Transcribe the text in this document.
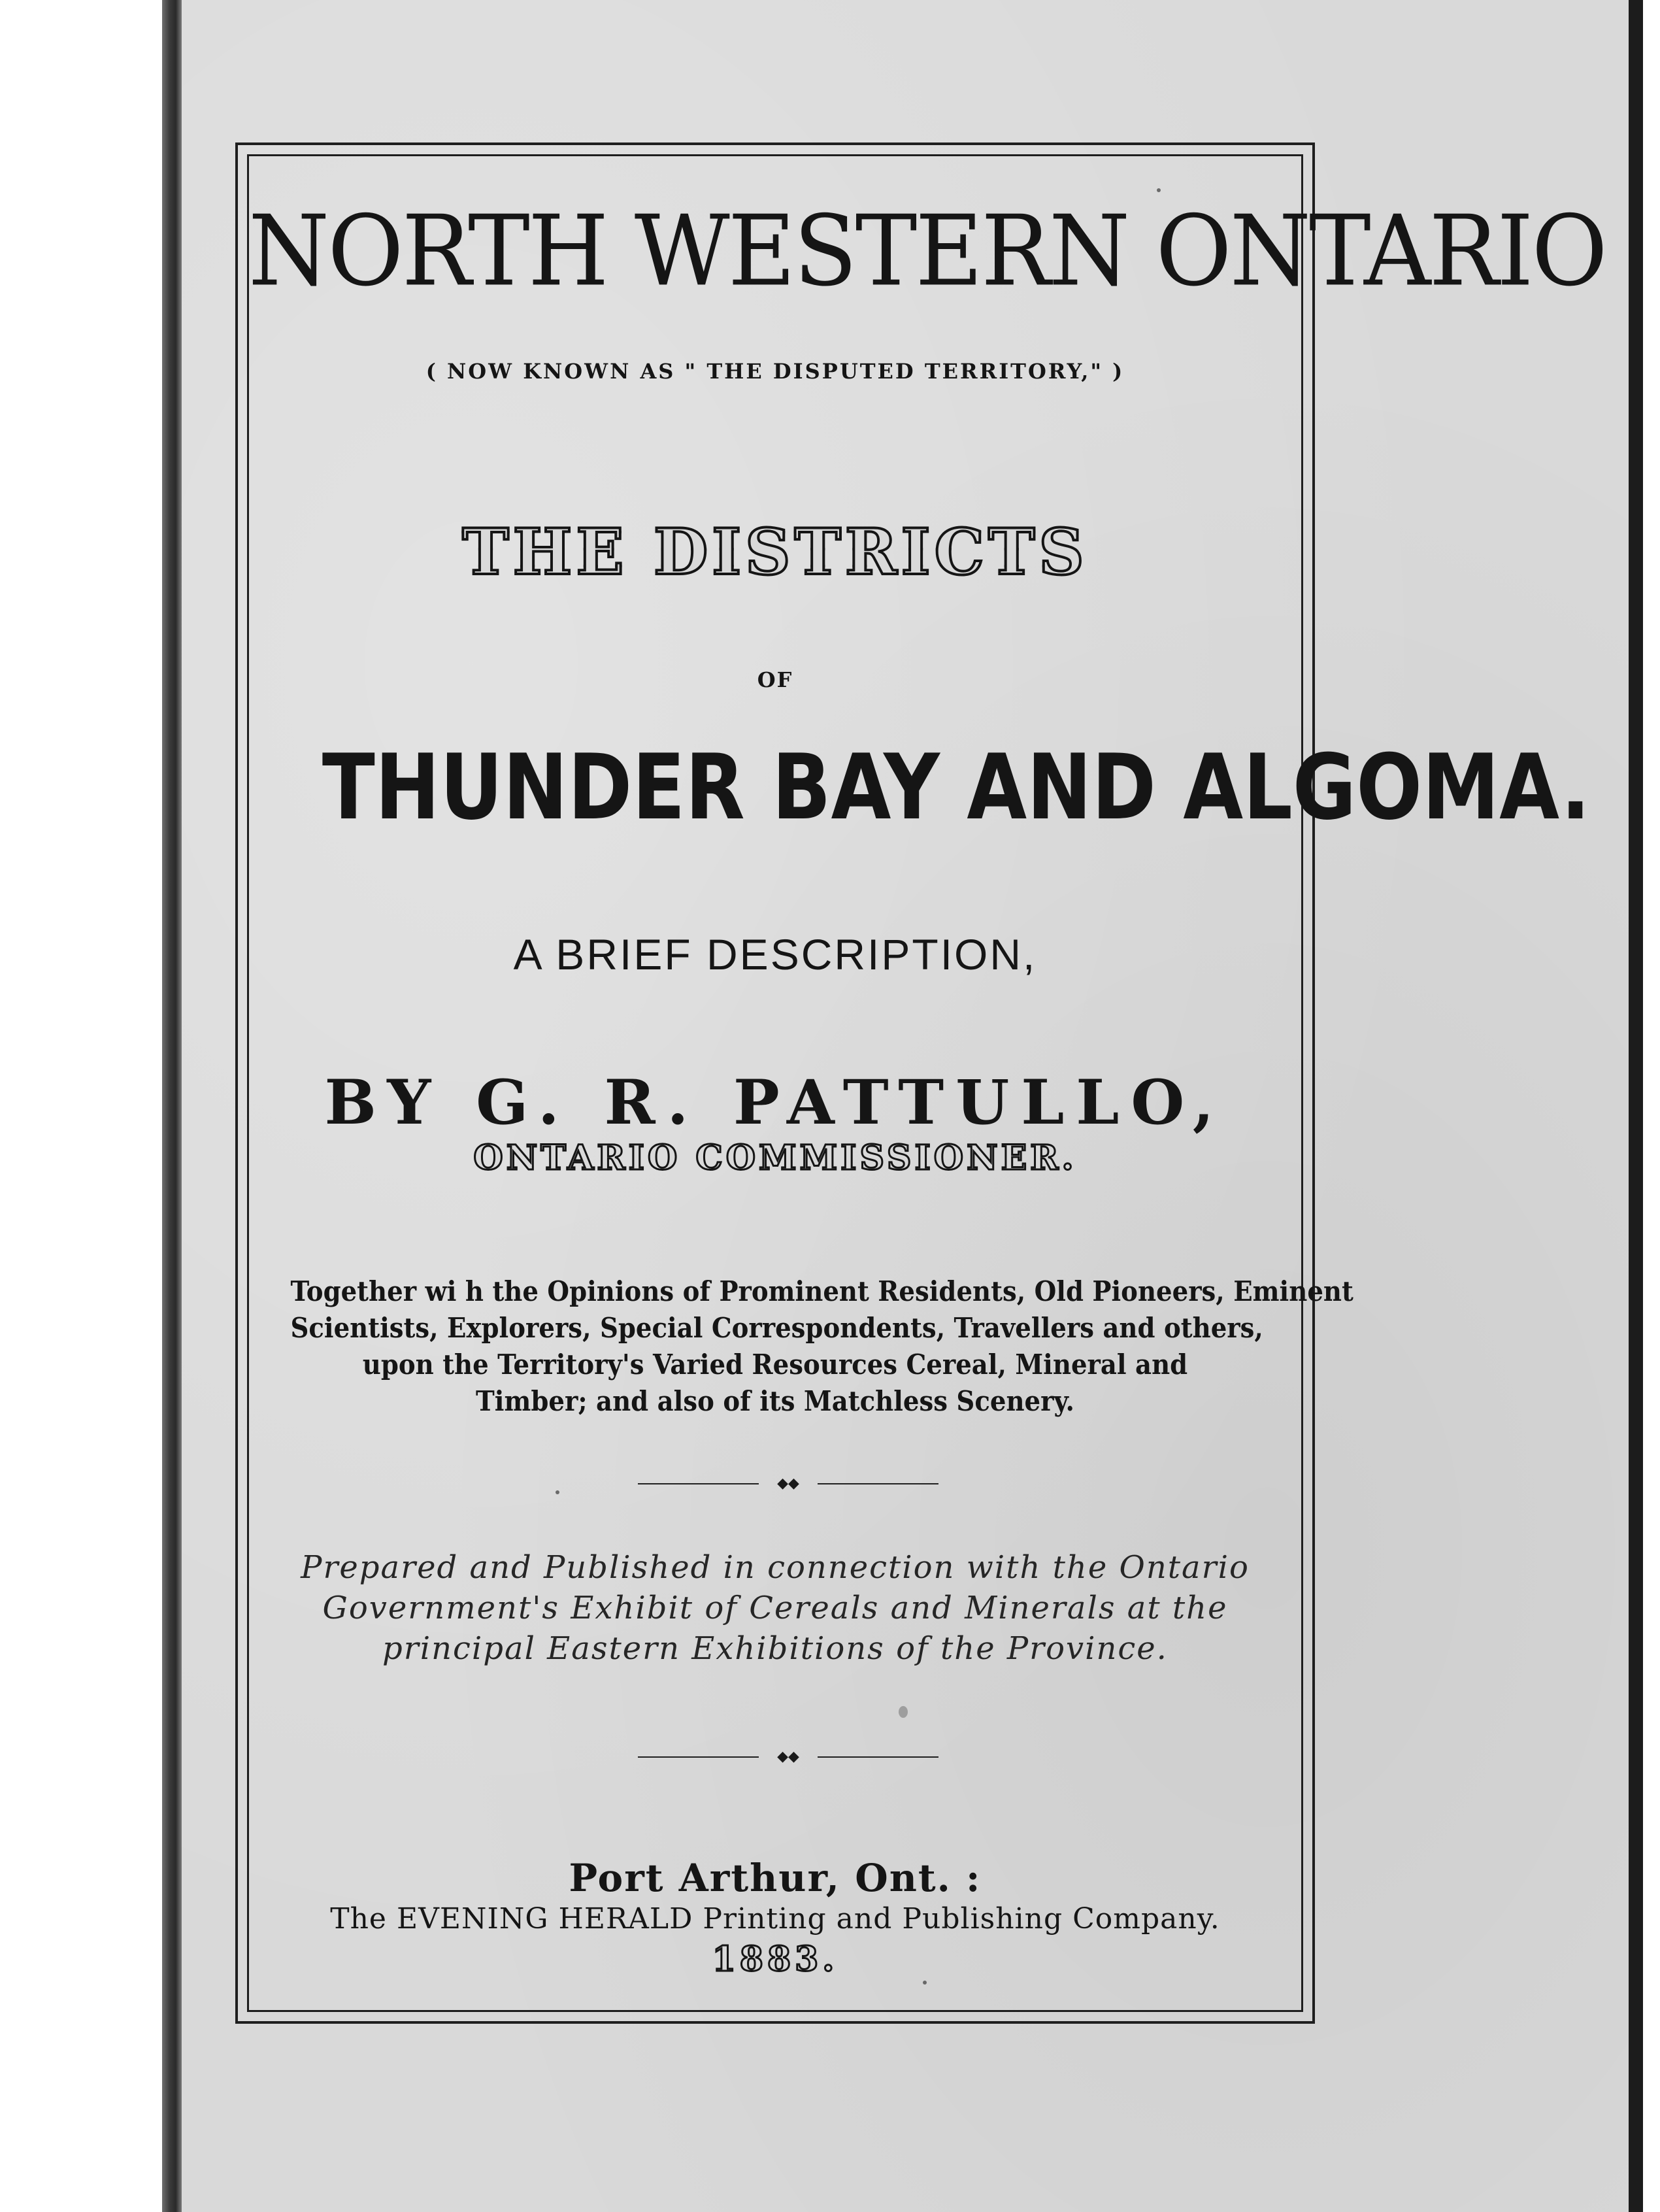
NORTH WESTERN ONTARIO
( NOW KNOWN AS " THE DISPUTED TERRITORY," )
THE DISTRICTS
OF
THUNDER BAY AND ALGOMA.
A BRIEF DESCRIPTION,
BY G. R. PATTULLO,
ONTARIO COMMISSIONER.
Together wi h the Opinions of Prominent Residents, Old Pioneers, Eminent
Scientists, Explorers, Special Correspondents, Travellers and others,
upon the Territory's Varied Resources Cereal, Mineral and
Timber; and also of its Matchless Scenery.
◆◆
Prepared and Published in connection with the Ontario
Government's Exhibit of Cereals and Minerals at the
principal Eastern Exhibitions of the Province.
◆◆
Port Arthur, Ont. :
The EVENING HERALD Printing and Publishing Company.
1883.
